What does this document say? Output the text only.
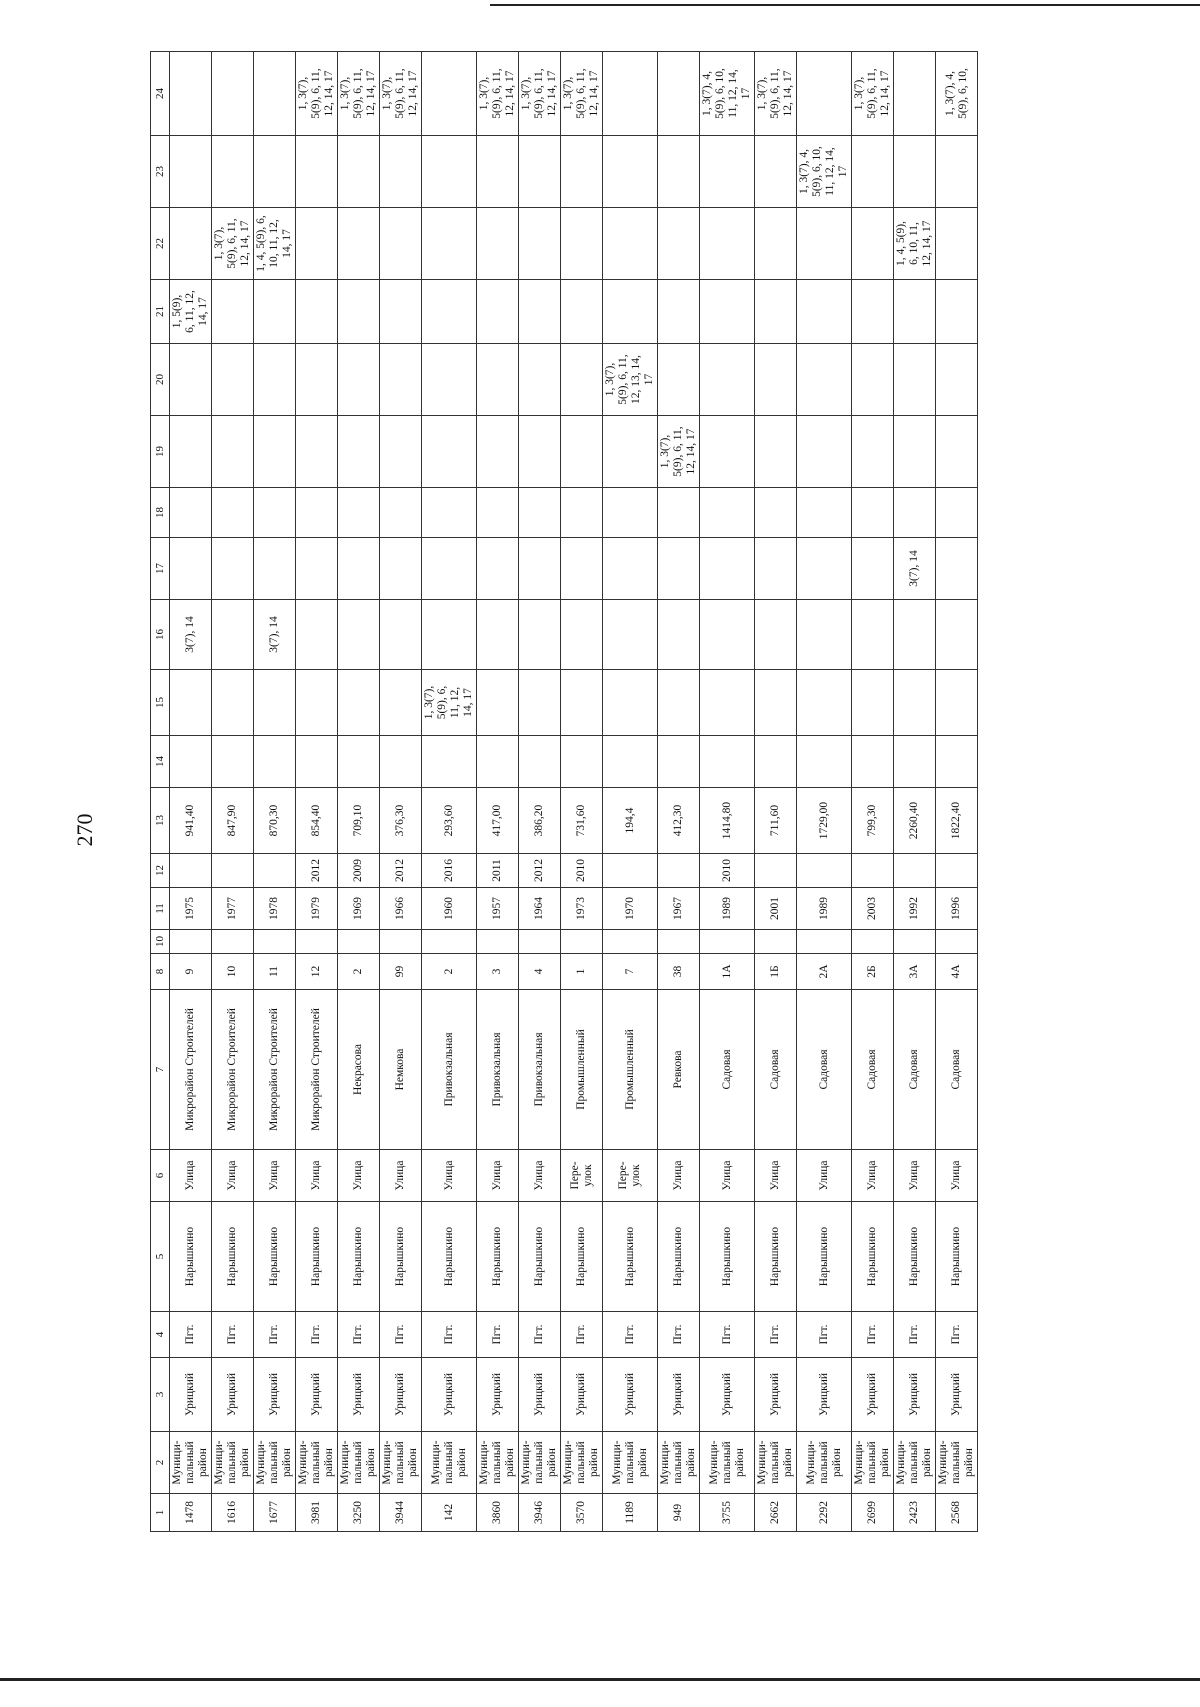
270
1	2	3	4	5	6	7	8	10	11	12	13	14	15	16	17	18	19	20	21	22	23	24
1478	Муници-
пальный
район	Урицкий	Пгт.	Нарышкино	Улица	Микрорайон Строителей	9		1975		941,40			3(7), 14					1, 5(9),
6, 11, 12,
14, 17			
1616	Муници-
пальный
район	Урицкий	Пгт.	Нарышкино	Улица	Микрорайон Строителей	10		1977		847,90									1, 3(7),
5(9), 6, 11,
12, 14, 17		
1677	Муници-
пальный
район	Урицкий	Пгт.	Нарышкино	Улица	Микрорайон Строителей	11		1978		870,30			3(7), 14						1, 4, 5(9), 6,
10, 11, 12,
14, 17		
3981	Муници-
пальный
район	Урицкий	Пгт.	Нарышкино	Улица	Микрорайон Строителей	12		1979	2012	854,40											1, 3(7),
5(9), 6, 11,
12, 14, 17
3250	Муници-
пальный
район	Урицкий	Пгт.	Нарышкино	Улица	Некрасова	2		1969	2009	709,10											1, 3(7),
5(9), 6, 11,
12, 14, 17
3944	Муници-
пальный
район	Урицкий	Пгт.	Нарышкино	Улица	Немкова	99		1966	2012	376,30											1, 3(7),
5(9), 6, 11,
12, 14, 17
142	Муници-
пальный
район	Урицкий	Пгт.	Нарышкино	Улица	Привокзальная	2		1960	2016	293,60		1, 3(7),
5(9), 6,
11, 12,
14, 17									
3860	Муници-
пальный
район	Урицкий	Пгт.	Нарышкино	Улица	Привокзальная	3		1957	2011	417,00											1, 3(7),
5(9), 6, 11,
12, 14, 17
3946	Муници-
пальный
район	Урицкий	Пгт.	Нарышкино	Улица	Привокзальная	4		1964	2012	386,20											1, 3(7),
5(9), 6, 11,
12, 14, 17
3570	Муници-
пальный
район	Урицкий	Пгт.	Нарышкино	Пере-
улок	Промышленный	1		1973	2010	731,60											1, 3(7),
5(9), 6, 11,
12, 14, 17
1189	Муници-
пальный
район	Урицкий	Пгт.	Нарышкино	Пере-
улок	Промышленный	7		1970		194,4							1, 3(7),
5(9), 6, 11,
12, 13, 14,
17				
949	Муници-
пальный
район	Урицкий	Пгт.	Нарышкино	Улица	Ревкова	38		1967		412,30						1, 3(7),
5(9), 6, 11,
12, 14, 17					
3755	Муници-
пальный
район	Урицкий	Пгт.	Нарышкино	Улица	Садовая	1А		1989	2010	1414,80											1, 3(7), 4,
5(9), 6, 10,
11, 12, 14,
17
2662	Муници-
пальный
район	Урицкий	Пгт.	Нарышкино	Улица	Садовая	1Б		2001		711,60											1, 3(7),
5(9), 6, 11,
12, 14, 17
2292	Муници-
пальный
район	Урицкий	Пгт.	Нарышкино	Улица	Садовая	2А		1989		1729,00										1, 3(7), 4,
5(9), 6, 10,
11, 12, 14,
17	
2699	Муници-
пальный
район	Урицкий	Пгт.	Нарышкино	Улица	Садовая	2Б		2003		799,30											1, 3(7),
5(9), 6, 11,
12, 14, 17
2423	Муници-
пальный
район	Урицкий	Пгт.	Нарышкино	Улица	Садовая	3А		1992		2260,40				3(7), 14					1, 4, 5(9),
6, 10, 11,
12, 14, 17		
2568	Муници-
пальный
район	Урицкий	Пгт.	Нарышкино	Улица	Садовая	4А		1996		1822,40											1, 3(7), 4,
5(9), 6, 10,
